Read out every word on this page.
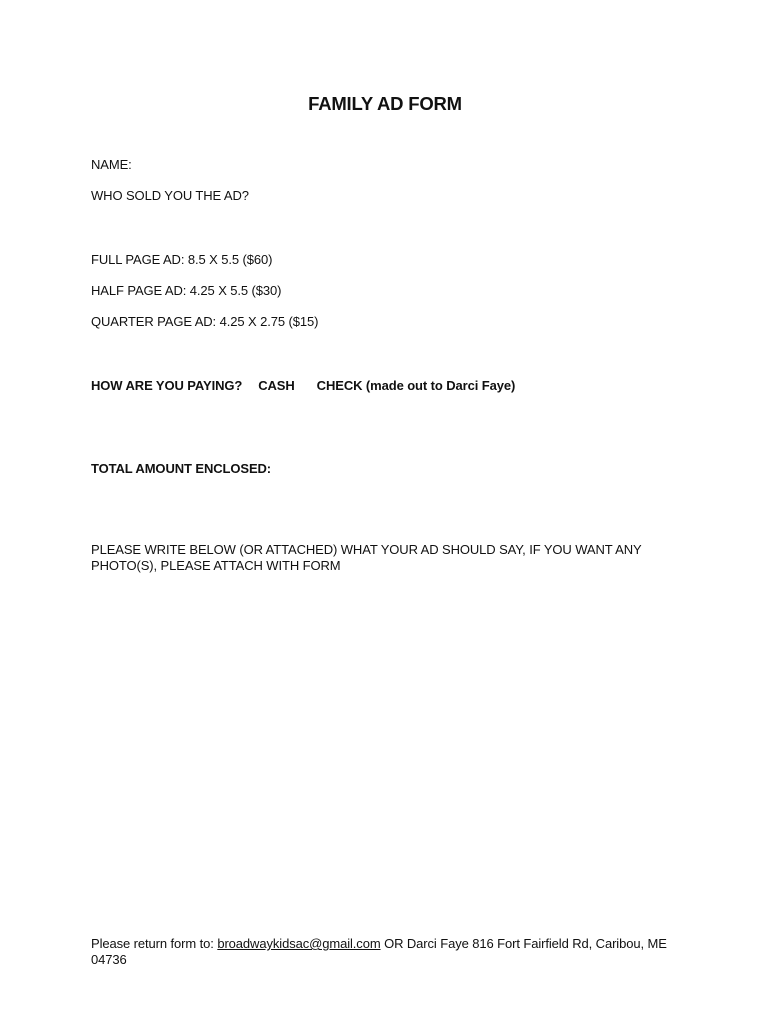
FAMILY AD FORM
NAME:
WHO SOLD YOU THE AD?
FULL PAGE AD: 8.5 X 5.5 ($60)
HALF PAGE AD: 4.25 X 5.5 ($30)
QUARTER PAGE AD: 4.25 X 2.75 ($15)
HOW ARE YOU PAYING? CASH CHECK (made out to Darci Faye)
TOTAL AMOUNT ENCLOSED:
PLEASE WRITE BELOW (OR ATTACHED) WHAT YOUR AD SHOULD SAY, IF YOU WANT ANY PHOTO(S), PLEASE ATTACH WITH FORM
Please return form to: broadwaykidsac@gmail.com OR Darci Faye 816 Fort Fairfield Rd, Caribou, ME 04736
